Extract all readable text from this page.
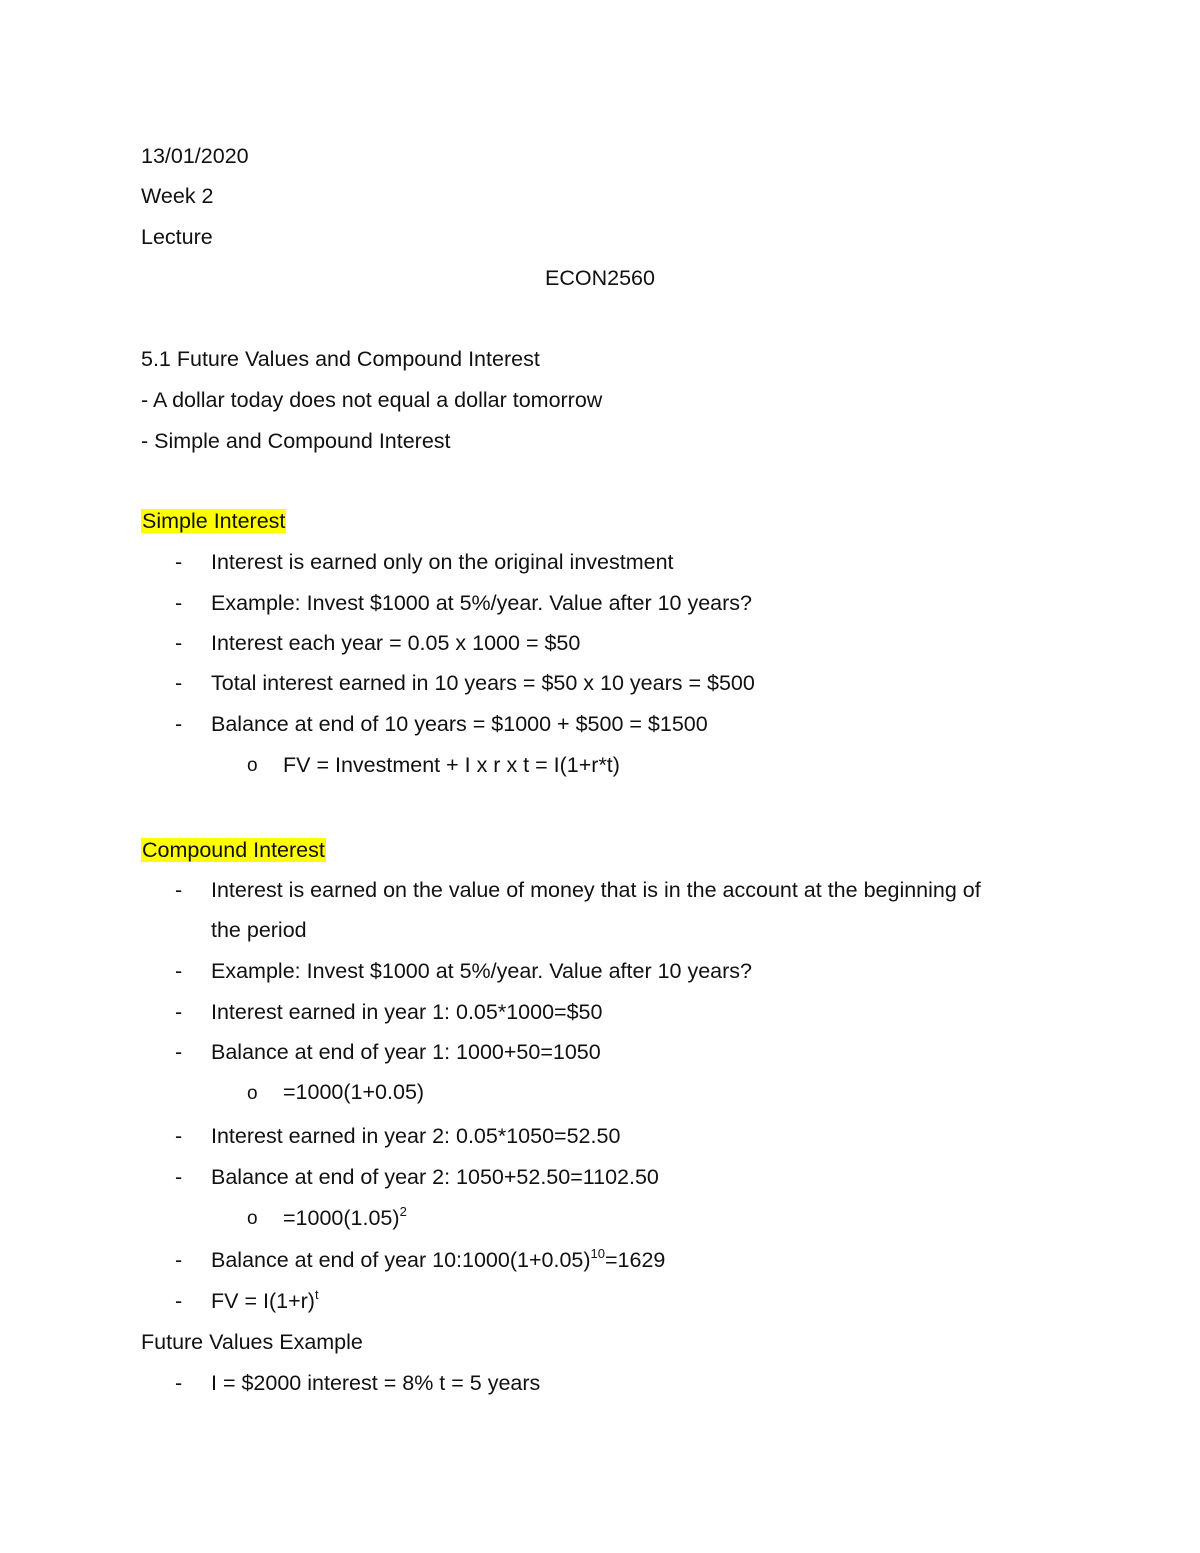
13/01/2020
Week 2
Lecture
ECON2560
5.1 Future Values and Compound Interest
- A dollar today does not equal a dollar tomorrow
- Simple and Compound Interest
Simple Interest
- Interest is earned only on the original investment
- Example: Invest $1000 at 5%/year. Value after 10 years?
- Interest each year = 0.05 x 1000 = $50
- Total interest earned in 10 years = $50 x 10 years = $500
- Balance at end of 10 years = $1000 + $500 = $1500
o FV = Investment + I x r x t = I(1+r*t)
Compound Interest
- Interest is earned on the value of money that is in the account at the beginning of
the period
- Example: Invest $1000 at 5%/year. Value after 10 years?
- Interest earned in year 1: 0.05*1000=$50
- Balance at end of year 1: 1000+50=1050
o =1000(1+0.05)
- Interest earned in year 2: 0.05*1050=52.50
- Balance at end of year 2: 1050+52.50=1102.50
$o =1000(1.05)^2$
- Balance at end of year $10:1000(1+0.05)^{10}=1629$
- FV = $I(1+r)^t$
Future Values Example
- I = $2000 interest = 8% t = 5 years
